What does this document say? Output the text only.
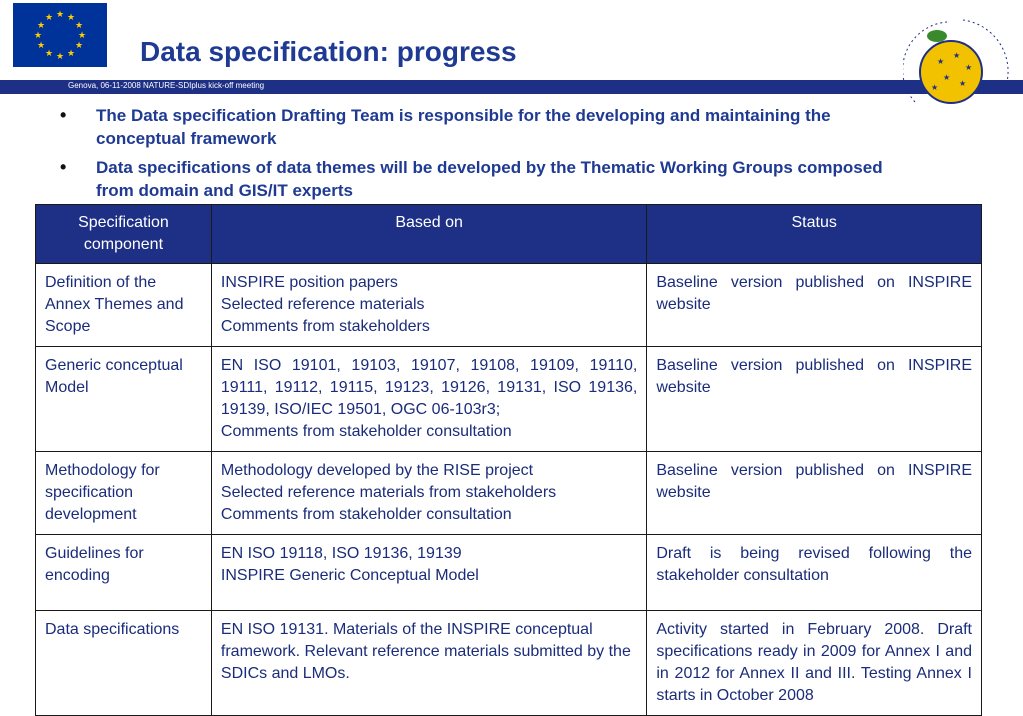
★ ★
★
★
★
★
★
★
★
★
★
★
Data specification: progress
Genova, 06-11-2008 NATURE-SDIplus kick-off meeting
★
★
★
★
★
★
• The Data specification Drafting Team is responsible for the developing and maintaining the conceptual framework
• Data specifications of data themes will be developed by the Thematic Working Groups composed from domain and GIS/IT experts
Specification component	Based on	Status
Definition of the Annex Themes and Scope	INSPIRE position papers
Selected reference materials
Comments from stakeholders	Baseline version published on INSPIRE website
Generic conceptual Model	EN ISO 19101, 19103, 19107, 19108, 19109, 19110, 19111, 19112, 19115, 19123, 19126, 19131, ISO 19136, 19139, ISO/IEC 19501, OGC 06-103r3;
Comments from stakeholder consultation	Baseline version published on INSPIRE website
Methodology for specification development	Methodology developed by the RISE project
Selected reference materials from stakeholders
Comments from stakeholder consultation	Baseline version published on INSPIRE website
Guidelines for encoding	EN ISO 19118, ISO 19136, 19139
INSPIRE Generic Conceptual Model	Draft is being revised following the stakeholder consultation
Data specifications	EN ISO 19131. Materials of the INSPIRE conceptual framework. Relevant reference materials submitted by the SDICs and LMOs.	Activity started in February 2008. Draft specifications ready in 2009 for Annex I and in 2012 for Annex II and III. Testing Annex I starts in October 2008
